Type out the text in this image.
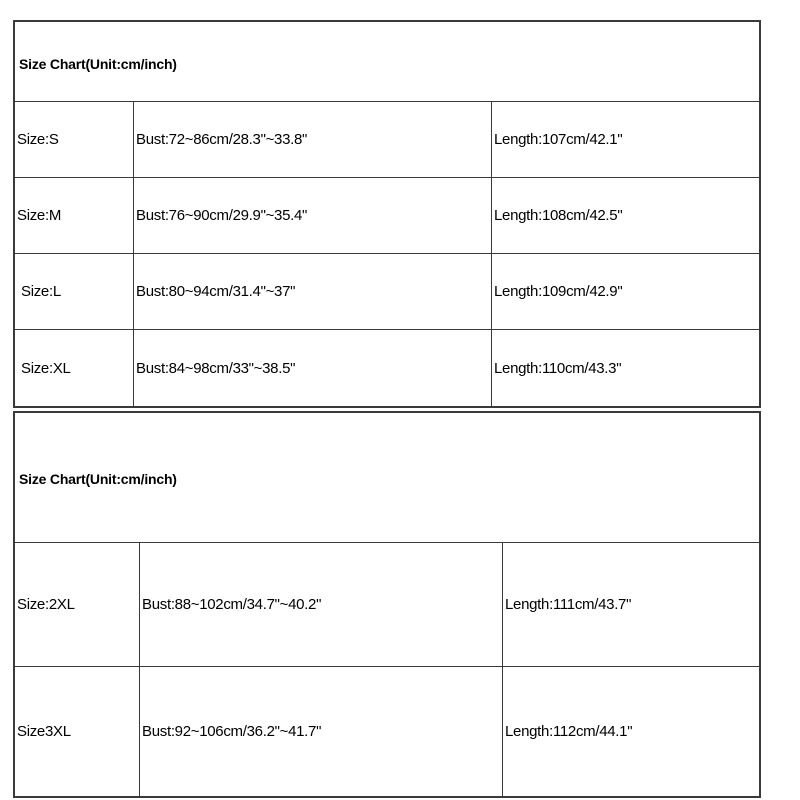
Size Chart(Unit:cm/inch)
Size:S	Bust:72~86cm/28.3"~33.8"	Length:107cm/42.1"
Size:M	Bust:76~90cm/29.9"~35.4"	Length:108cm/42.5"
Size:L	Bust:80~94cm/31.4"~37"	Length:109cm/42.9"
Size:XL	Bust:84~98cm/33"~38.5"	Length:110cm/43.3"
Size Chart(Unit:cm/inch)
Size:2XL	Bust:88~102cm/34.7"~40.2"	Length:111cm/43.7"
Size3XL	Bust:92~106cm/36.2"~41.7"	Length:112cm/44.1"
